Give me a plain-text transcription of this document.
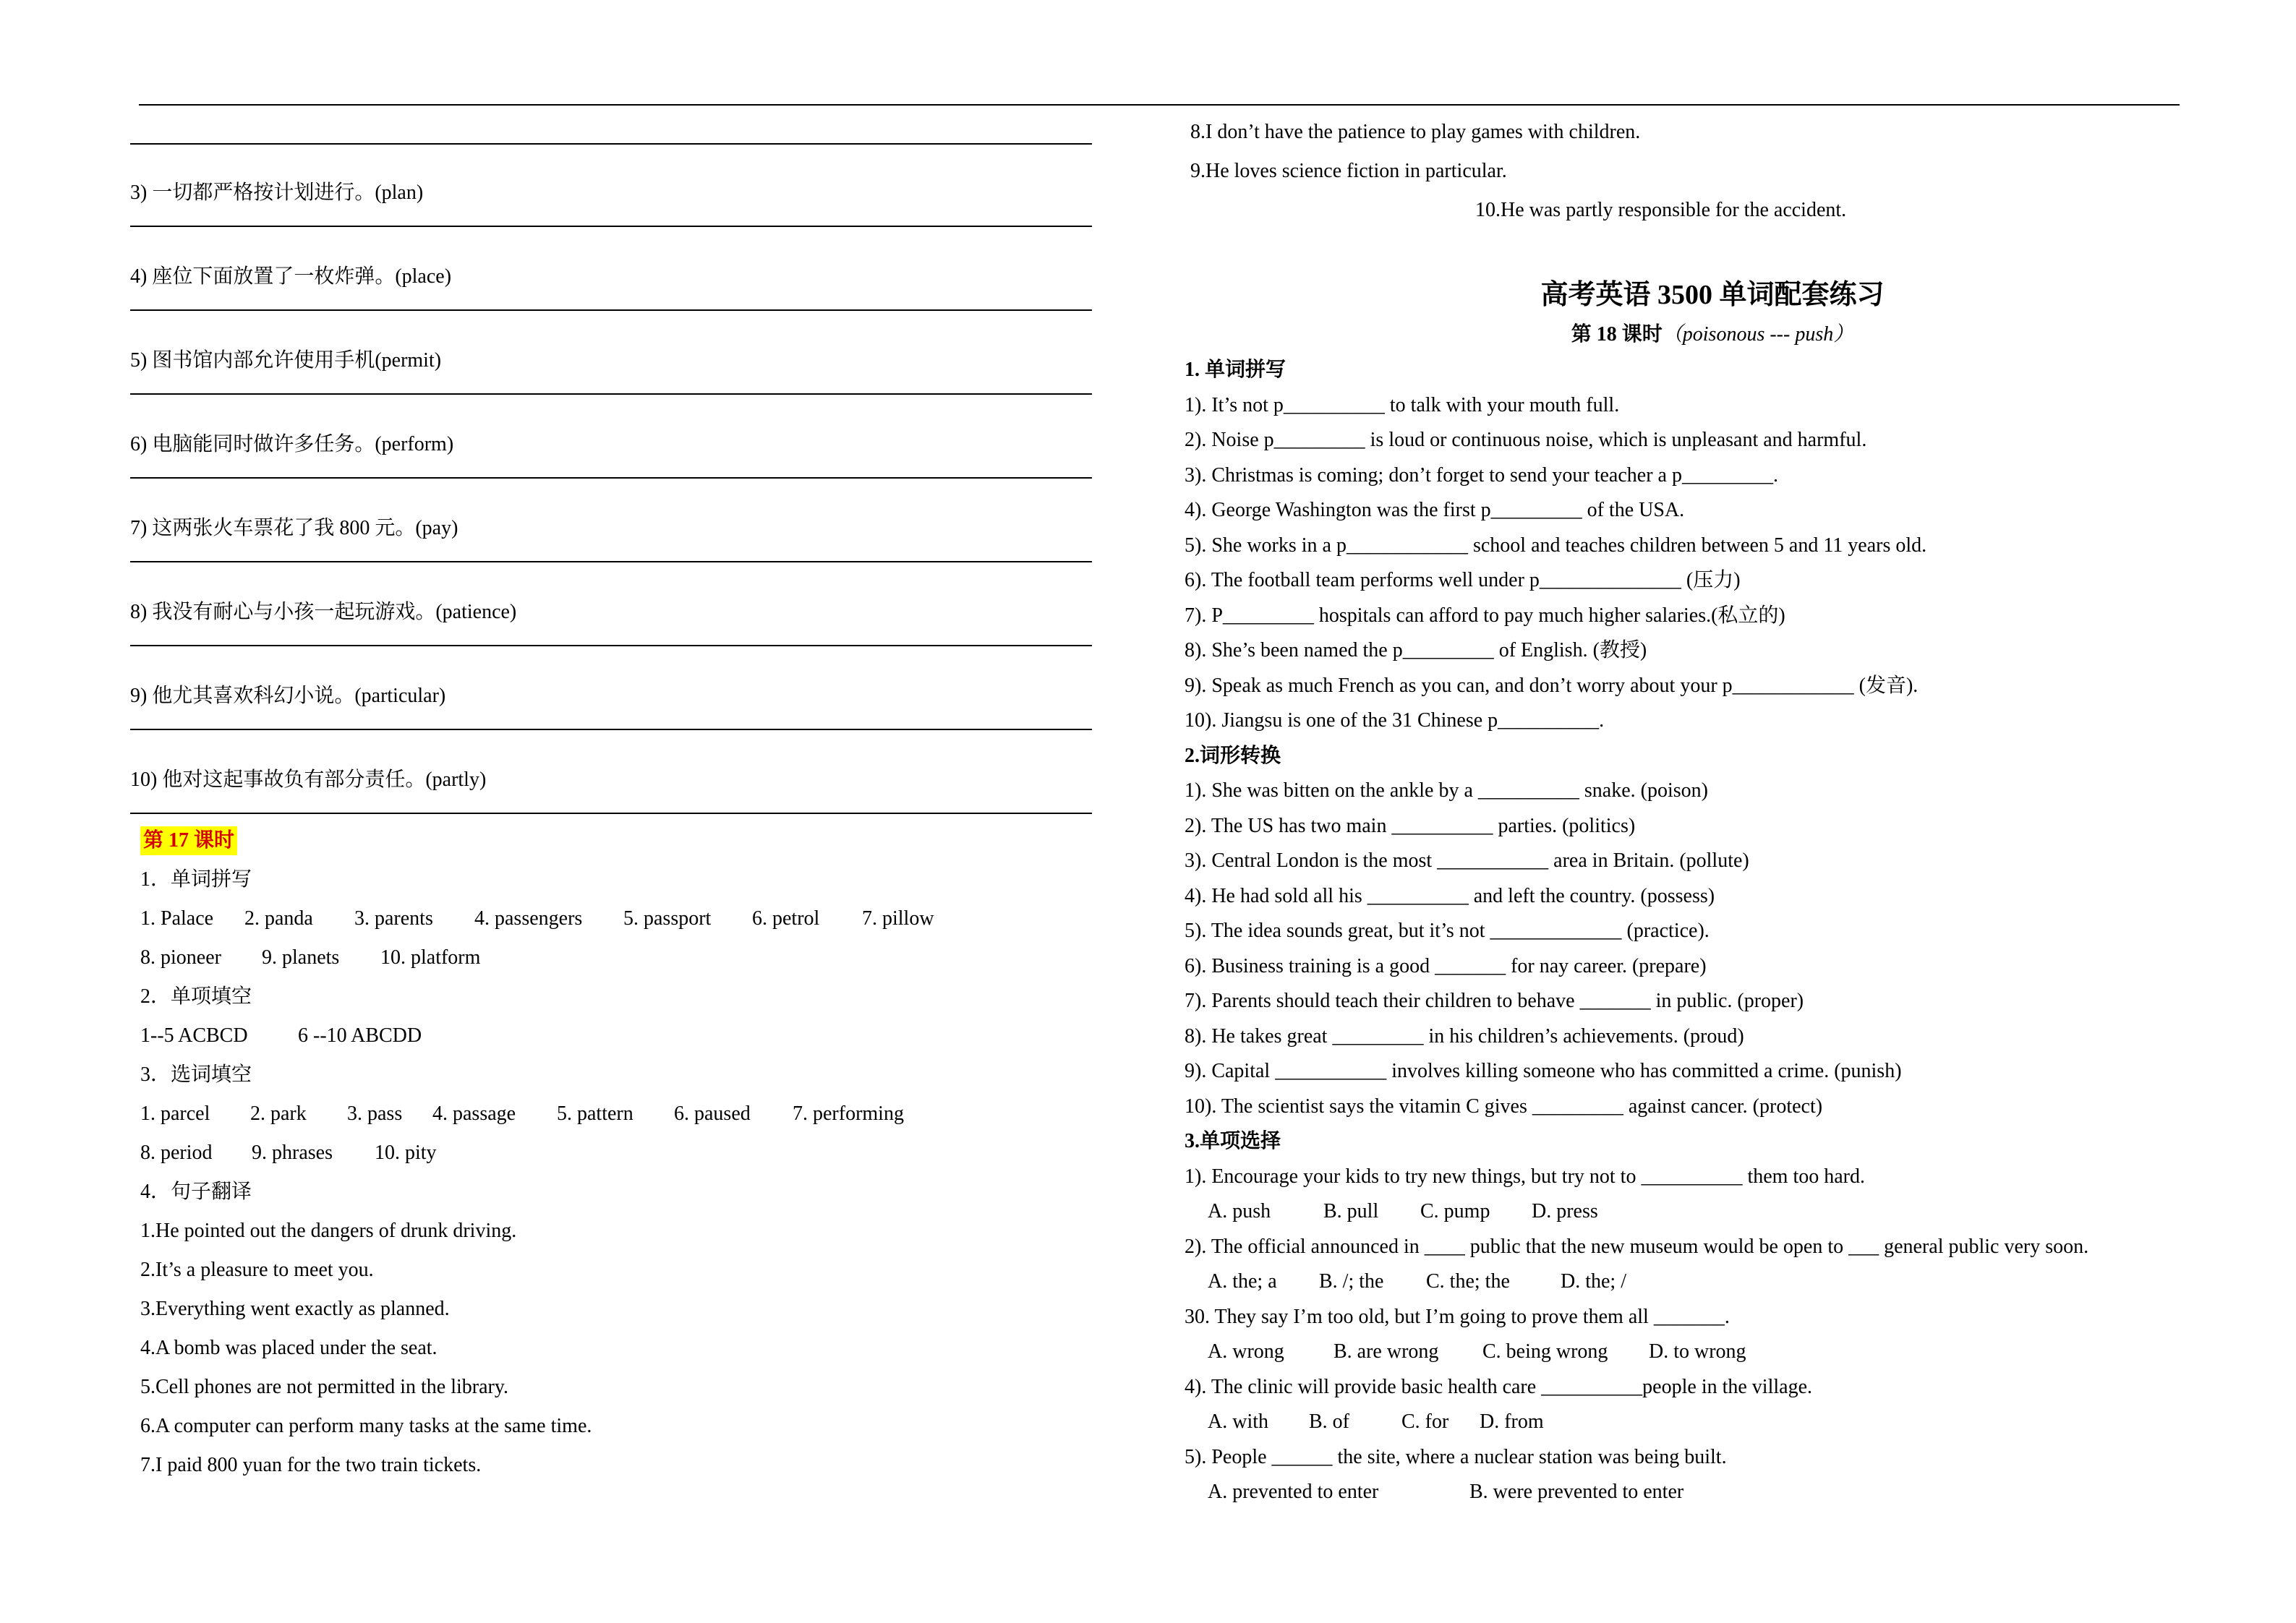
3) 一切都严格按计划进行。(plan)
4) 座位下面放置了一枚炸弹。(place)
5) 图书馆内部允许使用手机(permit)
6) 电脑能同时做许多任务。(perform)
7) 这两张火车票花了我 800 元。(pay)
8) 我没有耐心与小孩一起玩游戏。(patience)
9) 他尤其喜欢科幻小说。(particular)
10) 他对这起事故负有部分责任。(partly)
第 17 课时
1．单词拼写
1. Palace 2. panda 3. parents 4. passengers 5. passport 6. petrol 7. pillow
8. pioneer 9. planets 10. platform
2．单项填空
1--5 ACBCD 6 --10 ABCDD
3．选词填空
1. parcel 2. park 3. pass 4. passage 5. pattern 6. paused 7. performing
8. period 9. phrases 10. pity
4．句子翻译
1.He pointed out the dangers of drunk driving.
2.It’s a pleasure to meet you.
3.Everything went exactly as planned.
4.A bomb was placed under the seat.
5.Cell phones are not permitted in the library.
6.A computer can perform many tasks at the same time.
7.I paid 800 yuan for the two train tickets.
8.I don’t have the patience to play games with children.
9.He loves science fiction in particular.
10.He was partly responsible for the accident.
高考英语 3500 单词配套练习
第 18 课时（poisonous --- push）
1. 单词拼写
1). It’s not p__________ to talk with your mouth full.
2). Noise p_________ is loud or continuous noise, which is unpleasant and harmful.
3). Christmas is coming; don’t forget to send your teacher a p_________.
4). George Washington was the first p_________ of the USA.
5). She works in a p____________ school and teaches children between 5 and 11 years old.
6). The football team performs well under p______________ (压力)
7). P_________ hospitals can afford to pay much higher salaries.(私立的)
8). She’s been named the p_________ of English. (教授)
9). Speak as much French as you can, and don’t worry about your p____________ (发音).
10). Jiangsu is one of the 31 Chinese p__________.
2.词形转换
1). She was bitten on the ankle by a __________ snake. (poison)
2). The US has two main __________ parties. (politics)
3). Central London is the most ___________ area in Britain. (pollute)
4). He had sold all his __________ and left the country. (possess)
5). The idea sounds great, but it’s not _____________ (practice).
6). Business training is a good _______ for nay career. (prepare)
7). Parents should teach their children to behave _______ in public. (proper)
8). He takes great _________ in his children’s achievements. (proud)
9). Capital ___________ involves killing someone who has committed a crime. (punish)
10). The scientist says the vitamin C gives _________ against cancer. (protect)
3.单项选择
1). Encourage your kids to try new things, but try not to __________ them too hard.
A. push	B. pull C. pump D. press
2). The official announced in ____ public that the new museum would be open to ___ general public very soon.
A. the; a B. /; the C. the; the	D. the; /
30. They say I’m too old, but I’m going to prove them all _______.
A. wrong B. are wrong C. being wrong D. to wrong
4). The clinic will provide basic health care __________people in the village.
A. with B. of	C. for D. from
5). People ______ the site, where a nuclear station was being built.
A. prevented to enter	B. were prevented to enter
